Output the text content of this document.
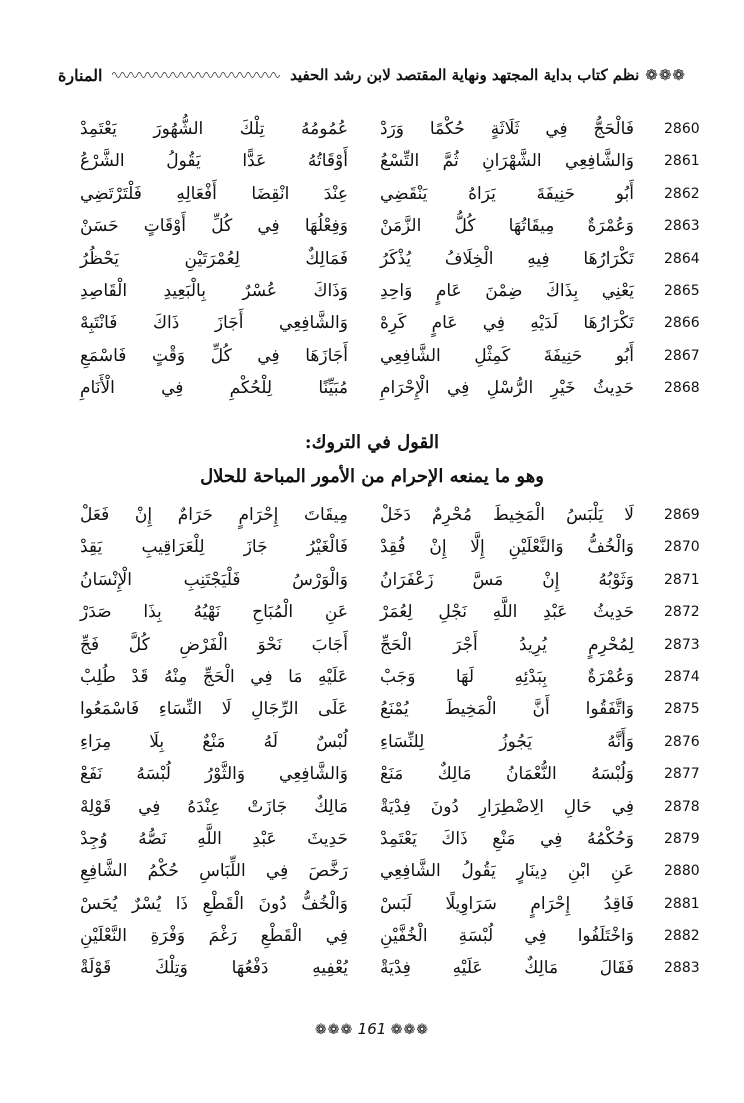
❁❁❁
نظم كتاب بداية المجتهد ونهاية المقتصد لابن رشد الحفيد
المنارة
2860
فَالْحَجُّ فِي ثَلَاثَةٍ حُكْمًا وَرَدْ
عُمُومُهُ تِلْكَ الشُّهُورَ يَعْتَمِدْ
2861
وَالشَّافِعِي الشَّهْرَانِ ثُمَّ التِّسْعُ
أَوْقَاتُهُ عَدًّا يَقُولُ الشَّرْعُ
2862
أَبُو حَنِيفَةَ يَرَاهُ يَنْقَضِي
عِنْدَ انْقِضَا أَفْعَالِهِ فَلْتَرْتَضِي
2863
وَعُمْرَةٌ مِيقَاتُهَا كُلُّ الزَّمَنْ
وَفِعْلُهَا فِي كُلِّ أَوْقَاتٍ حَسَنْ
2864
تَكْرَارُهَا فِيهِ الْخِلَافُ يُذْكَرُ
فَمَالِكٌ لِعُمْرَتَيْنِ يَحْظُرُ
2865
يَعْنِي بِذَاكَ ضِمْنَ عَامٍ وَاحِدِ
وَذَاكَ عُسْرٌ بِالْبَعِيدِ الْقَاصِدِ
2866
تَكْرَارُهَا لَدَيْهِ فِي عَامٍ كَرِهْ
وَالشَّافِعِي أَجَازَ ذَاكَ فَانْتَبِهْ
2867
أَبُو حَنِيفَةَ كَمِثْلِ الشَّافِعِي
أَجَازَهَا فِي كُلِّ وَقْتٍ فَاسْمَعِ
2868
حَدِيثُ خَيْرِ الرُّسْلِ فِي الْإِحْرَامِ
مُبَيِّنًا لِلْحُكْمِ فِي الْأَنَامِ
القول في التروك:
وهو ما يمنعه الإحرام من الأمور المباحة للحلال
2869
لَا يَلْبَسُ الْمَخِيطَ مُحْرِمٌ دَخَلْ
مِيقَاتَ إِحْرَامٍ حَرَامٌ إِنْ فَعَلْ
2870
وَالْخُفُّ وَالنَّعْلَيْنِ إِلَّا إِنْ فُقِدْ
فَالْغَيْرُ جَازَ لِلْعَرَاقِيبِ يَقِدْ
2871
وَثَوْبُهُ إِنْ مَسَّ زَعْفَرَانُ
وَالْوَرْسُ فَلْيَجْتَنِبِ الْإِنْسَانُ
2872
حَدِيثُ عَبْدِ اللَّهِ نَجْلِ لِعُمَرْ
عَنِ الْمُبَاحِ نَهْيُهُ بِذَا صَدَرْ
2873
لِمُحْرِمٍ يُرِيدُ أَجْرَ الْحَجِّ
أَجَابَ نَحْوَ الْفَرْضِ كُلَّ فَجِّ
2874
وَعُمْرَةٌ بِبَدْئِهِ لَهَا وَجَبْ
عَلَيْهِ مَا فِي الْحَجِّ مِنْهُ قَدْ طُلِبْ
2875
وَاتَّفَقُوا أَنَّ الْمَخِيطَ يُمْنَعُ
عَلَى الرِّجَالِ لَا النِّسَاءِ فَاسْمَعُوا
2876
وَأَنَّهُ يَجُوزُ لِلنِّسَاءِ
لُبْسٌ لَهُ مَنْعٌ بِلَا مِرَاءِ
2877
وَلُبْسَهُ النُّعْمَانُ مَالِكٌ مَنَعْ
وَالشَّافِعِي وَالثَّوْرُ لُبْسَهُ نَفَعْ
2878
فِي حَالِ الِاضْطِرَارِ دُونَ فِدْيَةْ
مَالِكٌ جَازَتْ عِنْدَهُ فِي قَوْلِهْ
2879
وَحُكْمُهُ فِي مَنْعِ ذَاكَ يَعْتَمِدْ
حَدِيثَ عَبْدِ اللَّهِ نَصُّهُ وُجِدْ
2880
عَنِ ابْنِ دِينَارٍ يَقُولُ الشَّافِعِي
رَخَّصَ فِي اللِّبَاسِ حُكْمُ الشَّافِعِ
2881
فَاقِدُ إِحْرَامٍ سَرَاوِيلًا لَبَسْ
وَالْخُفُّ دُونَ الْقَطْعِ ذَا يُسْرٌ يُحَسْ
2882
وَاخْتَلَفُوا فِي لُبْسَةِ الْخُفَّيْنِ
فِي الْقَطْعِ رَغْمَ وَفْرَةِ النَّعْلَيْنِ
2883
فَقَالَ مَالِكٌ عَلَيْهِ فِدْيَةْ
يُعْفِيهِ دَفْعُهَا وَتِلْكَ قَوْلَةْ
❁❁❁ 161 ❁❁❁
